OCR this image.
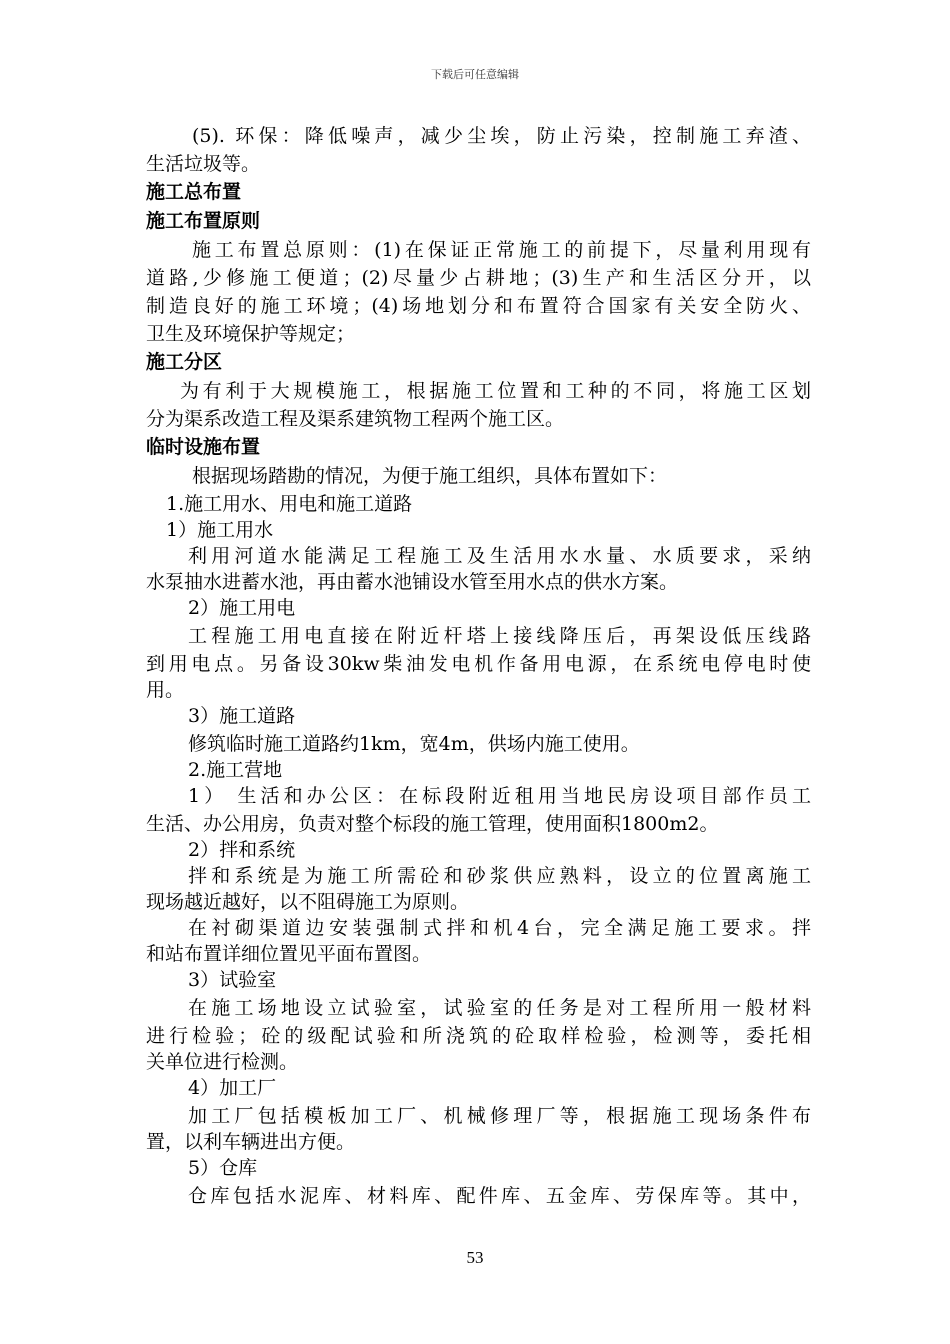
下载后可任意编辑
(5). 环保：降低噪声，减少尘埃，防止污染，控制施工弃渣、
生活垃圾等。
施工总布置
施工布置原则
施工布置总原则：(1)在保证正常施工的前提下，尽量利用现有
道路,少修施工便道；(2)尽量少占耕地；(3)生产和生活区分开，以
制造良好的施工环境；(4)场地划分和布置符合国家有关安全防火、
卫生及环境保护等规定；
施工分区
为有利于大规模施工，根据施工位置和工种的不同，将施工区划
分为渠系改造工程及渠系建筑物工程两个施工区。
临时设施布置
根据现场踏勘的情况，为便于施工组织，具体布置如下：
1.施工用水、用电和施工道路
1）施工用水
利用河道水能满足工程施工及生活用水水量、水质要求，采纳
水泵抽水进蓄水池，再由蓄水池铺设水管至用水点的供水方案。
2）施工用电
工程施工用电直接在附近杆塔上接线降压后，再架设低压线路
到用电点。另备设30kw柴油发电机作备用电源，在系统电停电时使
用。
3）施工道路
修筑临时施工道路约1km，宽4m，供场内施工使用。
2.施工营地
1） 生活和办公区：在标段附近租用当地民房设项目部作员工
生活、办公用房，负责对整个标段的施工管理，使用面积1800m2。
2）拌和系统
拌和系统是为施工所需砼和砂浆供应熟料，设立的位置离施工
现场越近越好，以不阻碍施工为原则。
在衬砌渠道边安装强制式拌和机4台，完全满足施工要求。拌
和站布置详细位置见平面布置图。
3）试验室
在施工场地设立试验室，试验室的任务是对工程所用一般材料
进行检验；砼的级配试验和所浇筑的砼取样检验，检测等，委托相
关单位进行检测。
4）加工厂
加工厂包括模板加工厂、机械修理厂等，根据施工现场条件布
置，以利车辆进出方便。
5）仓库
仓库包括水泥库、材料库、配件库、五金库、劳保库等。其中，
53
